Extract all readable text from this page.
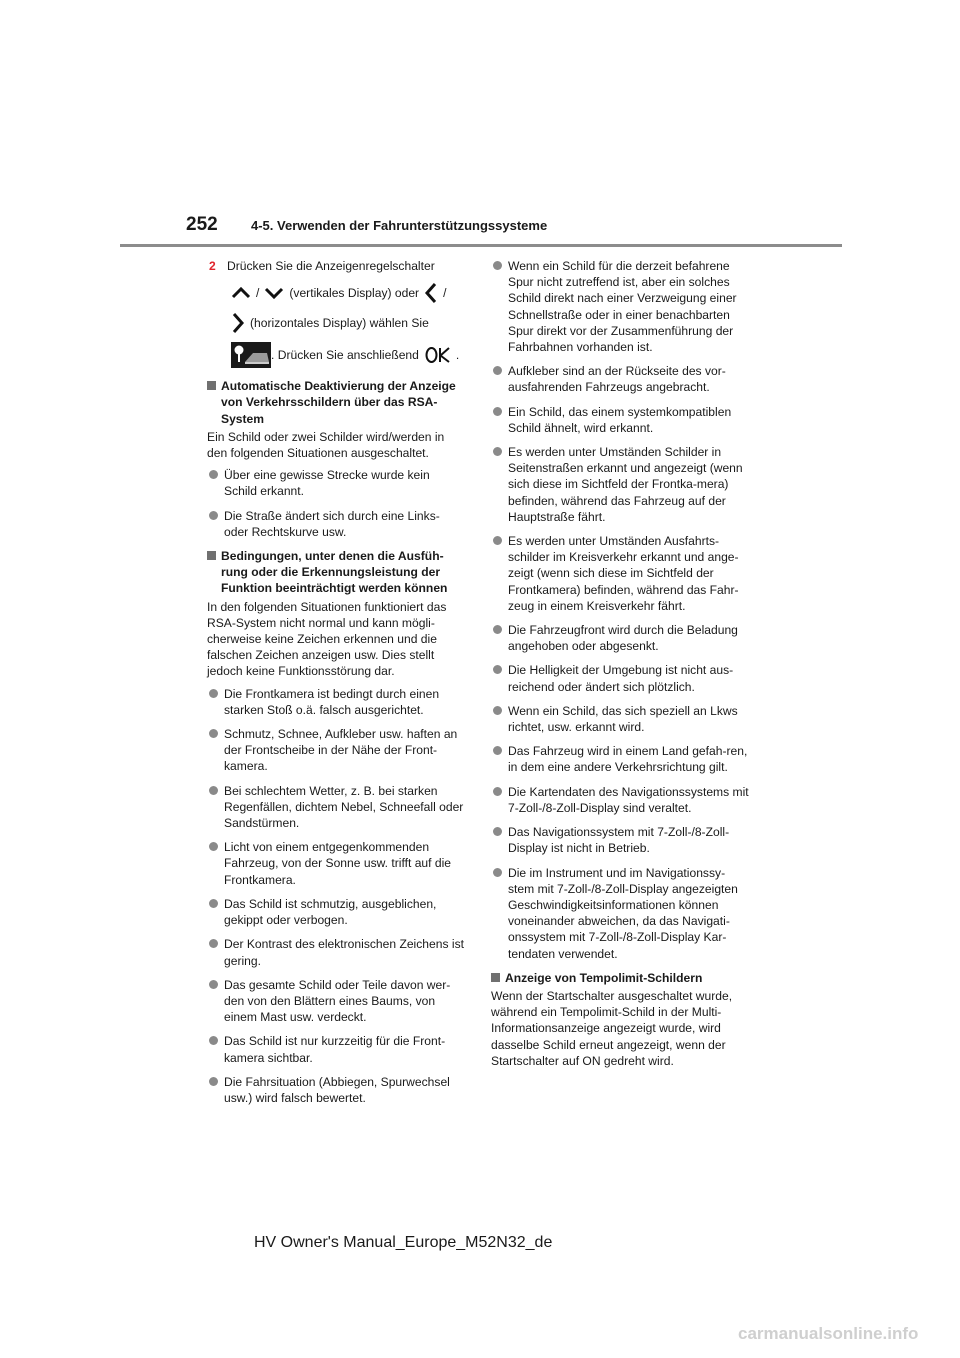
252	4-5. Verwenden der Fahrunterstützungssysteme
2 Drücken Sie die Anzeigenregelschalter
/ (vertikales Display) oder /
(horizontales Display) wählen Sie
. Drücken Sie anschließend	.
Automatische Deaktivierung der Anzeige von Verkehrsschildern über das RSA-System

Ein Schild oder zwei Schilder wird/werden in den folgenden Situationen ausgeschaltet.

Über eine gewisse Strecke wurde kein Schild erkannt.
Die Straße ändert sich durch eine Links- oder Rechtskurve usw.
Bedingungen, unter denen die Ausfüh-rung oder die Erkennungsleistung der Funktion beeinträchtigt werden können

In den folgenden Situationen funktioniert das RSA-System nicht normal und kann mögli-cherweise keine Zeichen erkennen und die falschen Zeichen anzeigen usw. Dies stellt jedoch keine Funktionsstörung dar.

Die Frontkamera ist bedingt durch einen starken Stoß o.ä. falsch ausgerichtet.
Schmutz, Schnee, Aufkleber usw. haften an der Frontscheibe in der Nähe der Front-kamera.
Bei schlechtem Wetter, z. B. bei starken Regenfällen, dichtem Nebel, Schneefall oder Sandstürmen.
Licht von einem entgegenkommenden Fahrzeug, von der Sonne usw. trifft auf die Frontkamera.
Das Schild ist schmutzig, ausgeblichen, gekippt oder verbogen.
Der Kontrast des elektronischen Zeichens ist gering.
Das gesamte Schild oder Teile davon wer-den von den Blättern eines Baums, von einem Mast usw. verdeckt.
Das Schild ist nur kurzzeitig für die Front-kamera sichtbar.
Die Fahrsituation (Abbiegen, Spurwechsel usw.) wird falsch bewertet.
Wenn ein Schild für die derzeit befahrene Spur nicht zutreffend ist, aber ein solches Schild direkt nach einer Verzweigung einer Schnellstraße oder in einer benachbarten Spur direkt vor der Zusammenführung der Fahrbahnen vorhanden ist.
Aufkleber sind an der Rückseite des vor-ausfahrenden Fahrzeugs angebracht.
Ein Schild, das einem systemkompatiblen Schild ähnelt, wird erkannt.
Es werden unter Umständen Schilder in Seitenstraßen erkannt und angezeigt (wenn sich diese im Sichtfeld der Frontka-mera) befinden, während das Fahrzeug auf der Hauptstraße fährt.
Es werden unter Umständen Ausfahrts-schilder im Kreisverkehr erkannt und ange-zeigt (wenn sich diese im Sichtfeld der Frontkamera) befinden, während das Fahr-zeug in einem Kreisverkehr fährt.
Die Fahrzeugfront wird durch die Beladung angehoben oder abgesenkt.
Die Helligkeit der Umgebung ist nicht aus-reichend oder ändert sich plötzlich.
Wenn ein Schild, das sich speziell an Lkws richtet, usw. erkannt wird.
Das Fahrzeug wird in einem Land gefah-ren, in dem eine andere Verkehrsrichtung gilt.
Die Kartendaten des Navigationssystems mit 7-Zoll-/8-Zoll-Display sind veraltet.
Das Navigationssystem mit 7-Zoll-/8-Zoll-Display ist nicht in Betrieb.
Die im Instrument und im Navigationssy-stem mit 7-Zoll-/8-Zoll-Display angezeigten Geschwindigkeitsinformationen können voneinander abweichen, da das Navigati-onssystem mit 7-Zoll-/8-Zoll-Display Kar-tendaten verwendet.
Anzeige von Tempolimit-Schildern

Wenn der Startschalter ausgeschaltet wurde, während ein Tempolimit-Schild in der Multi-Informationsanzeige angezeigt wurde, wird dasselbe Schild erneut angezeigt, wenn der Startschalter auf ON gedreht wird.

HV Owner's Manual_Europe_M52N32_de
carmanualsonline.info
